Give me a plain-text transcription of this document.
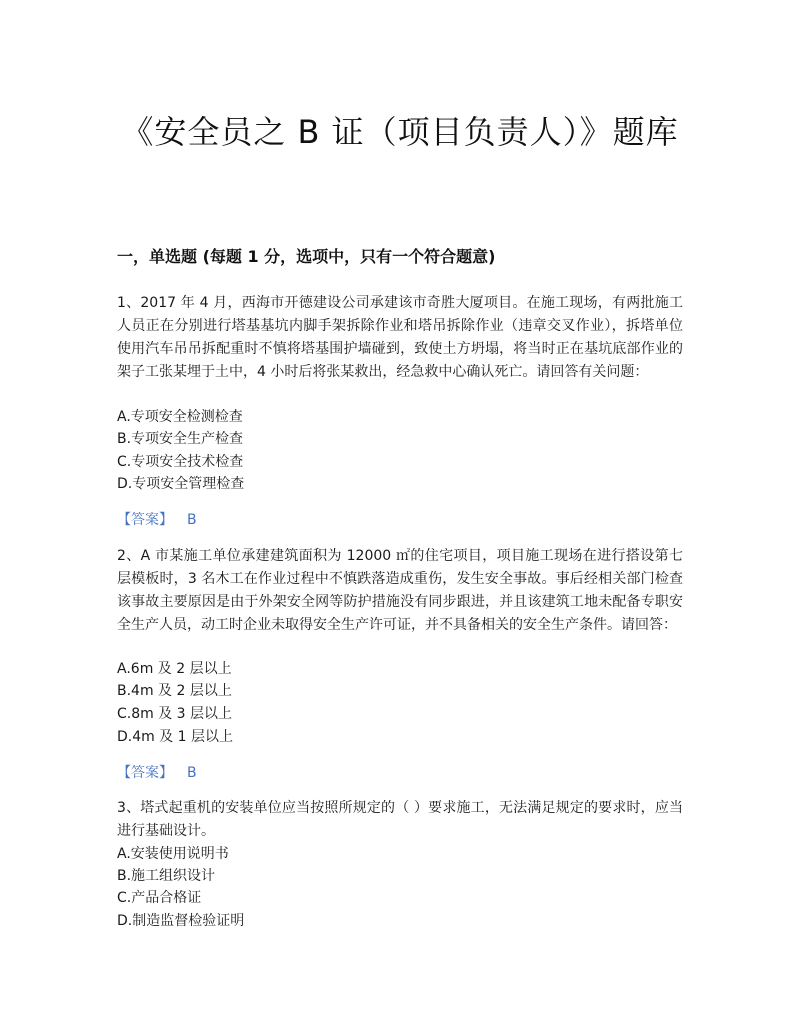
《安全员之 B 证（项目负责人）》题库
一，单选题 (每题 1 分，选项中，只有一个符合题意)
1、2017 年 4 月，西海市开德建设公司承建该市奇胜大厦项目。在施工现场，有两批施工人员正在分别进行塔基基坑内脚手架拆除作业和塔吊拆除作业（违章交叉作业），拆塔单位使用汽车吊吊拆配重时不慎将塔基围护墙碰到，致使土方坍塌，将当时正在基坑底部作业的架子工张某埋于土中，4 小时后将张某救出，经急救中心确认死亡。请回答有关问题：
A.专项安全检测检查
B.专项安全生产检查
C.专项安全技术检查
D.专项安全管理检查
【答案】 B
2、A 市某施工单位承建建筑面积为 12000 ㎡的住宅项目，项目施工现场在进行搭设第七层模板时，3 名木工在作业过程中不慎跌落造成重伤，发生安全事故。事后经相关部门检查该事故主要原因是由于外架安全网等防护措施没有同步跟进，并且该建筑工地未配备专职安全生产人员，动工时企业未取得安全生产许可证，并不具备相关的安全生产条件。请回答：
A.6m 及 2 层以上
B.4m 及 2 层以上
C.8m 及 3 层以上
D.4m 及 1 层以上
【答案】 B
3、塔式起重机的安装单位应当按照所规定的（ ）要求施工，无法满足规定的要求时，应当进行基础设计。
A.安装使用说明书
B.施工组织设计
C.产品合格证
D.制造监督检验证明
